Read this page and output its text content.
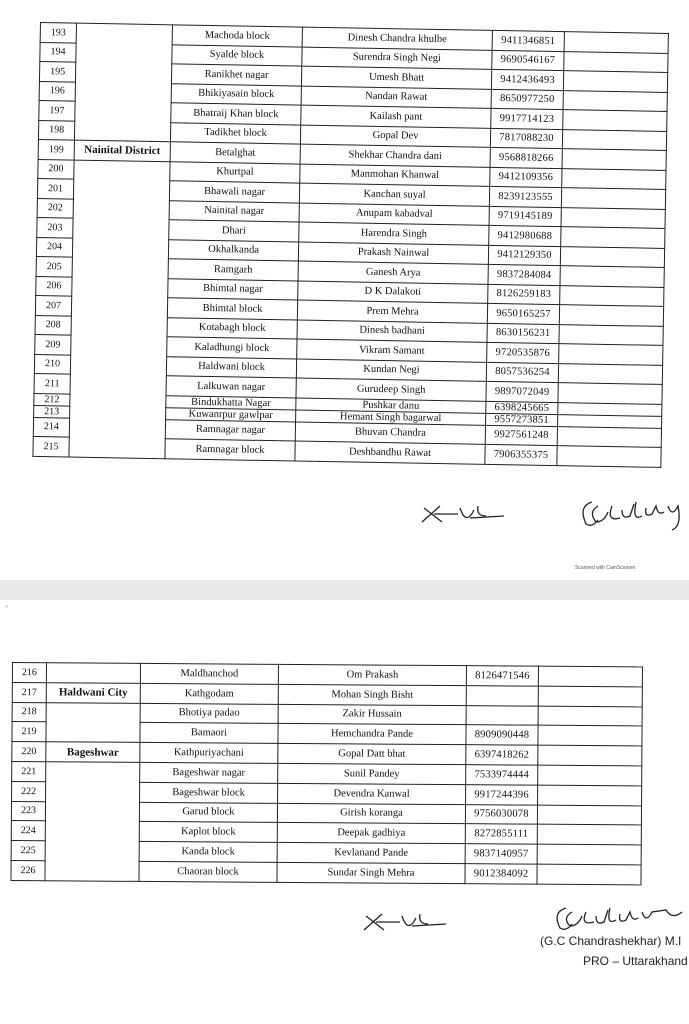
193		Machoda block	Dinesh Chandra khulbe	9411346851	
194		Syalde block	Surendra Singh Negi	9690546167	
195		Ranikhet nagar	Umesh Bhatt	9412436493	
196		Bhikiyasain block	Nandan Rawat	8650977250	
197		Bhatraij Khan block	Kailash pant	9917714123	
198		Tadikhet block	Gopal Dev	7817088230	
199	Nainital District	Betalghat	Shekhar Chandra dani	9568818266	
200		Khurtpal	Manmohan Khanwal	9412109356	
201		Bhawali nagar	Kanchan suyal	8239123555	
202		Nainital nagar	Anupam kabadval	9719145189	
203		Dhari	Harendra Singh	9412980688	
204		Okhalkanda	Prakash Nainwal	9412129350	
205		Ramgarh	Ganesh Arya	9837284084	
206		Bhimtal nagar	D K Dalakoti	8126259183	
207		Bhimtal block	Prem Mehra	9650165257	
208		Kotabagh block	Dinesh badhani	8630156231	
209		Kaladhungi block	Vikram Samant	9720535876	
210		Haldwani block	Kundan Negi	8057536254	
211		Lalkuwan nagar	Gurudeep Singh	9897072049	
212		Bindukhatta Nagar	Pushkar danu	6398245665	
213		Kuwanrpur gawlpar	Hemant Singh bagarwal	9557273851	
214		Ramnagar nagar	Bhuvan Chandra	9927561248	
215		Ramnagar block	Deshbandhu Rawat	7906355375	
Scanned with CamScanner
'
216		Maldhanchod	Om Prakash	8126471546	
217	Haldwani City	Kathgodam	Mohan Singh Bisht		
218		Bhotiya padao	Zakir Hussain		
219		Bamaori	Hemchandra Pande	8909090448	
220	Bageshwar	Kathpuriyachani	Gopal Datt bhat	6397418262	
221		Bageshwar nagar	Sunil Pandey	7533974444	
222		Bageshwar block	Devendra Kanwal	9917244396	
223		Garud block	Girish koranga	9756030078	
224		Kaplot block	Deepak gadhiya	8272855111	
225		Kanda block	Kevlanand Pande	9837140957	
226		Chaoran block	Sundar Singh Mehra	9012384092	
(G.C Chandrashekhar) M.I
PRO – Uttarakhand
